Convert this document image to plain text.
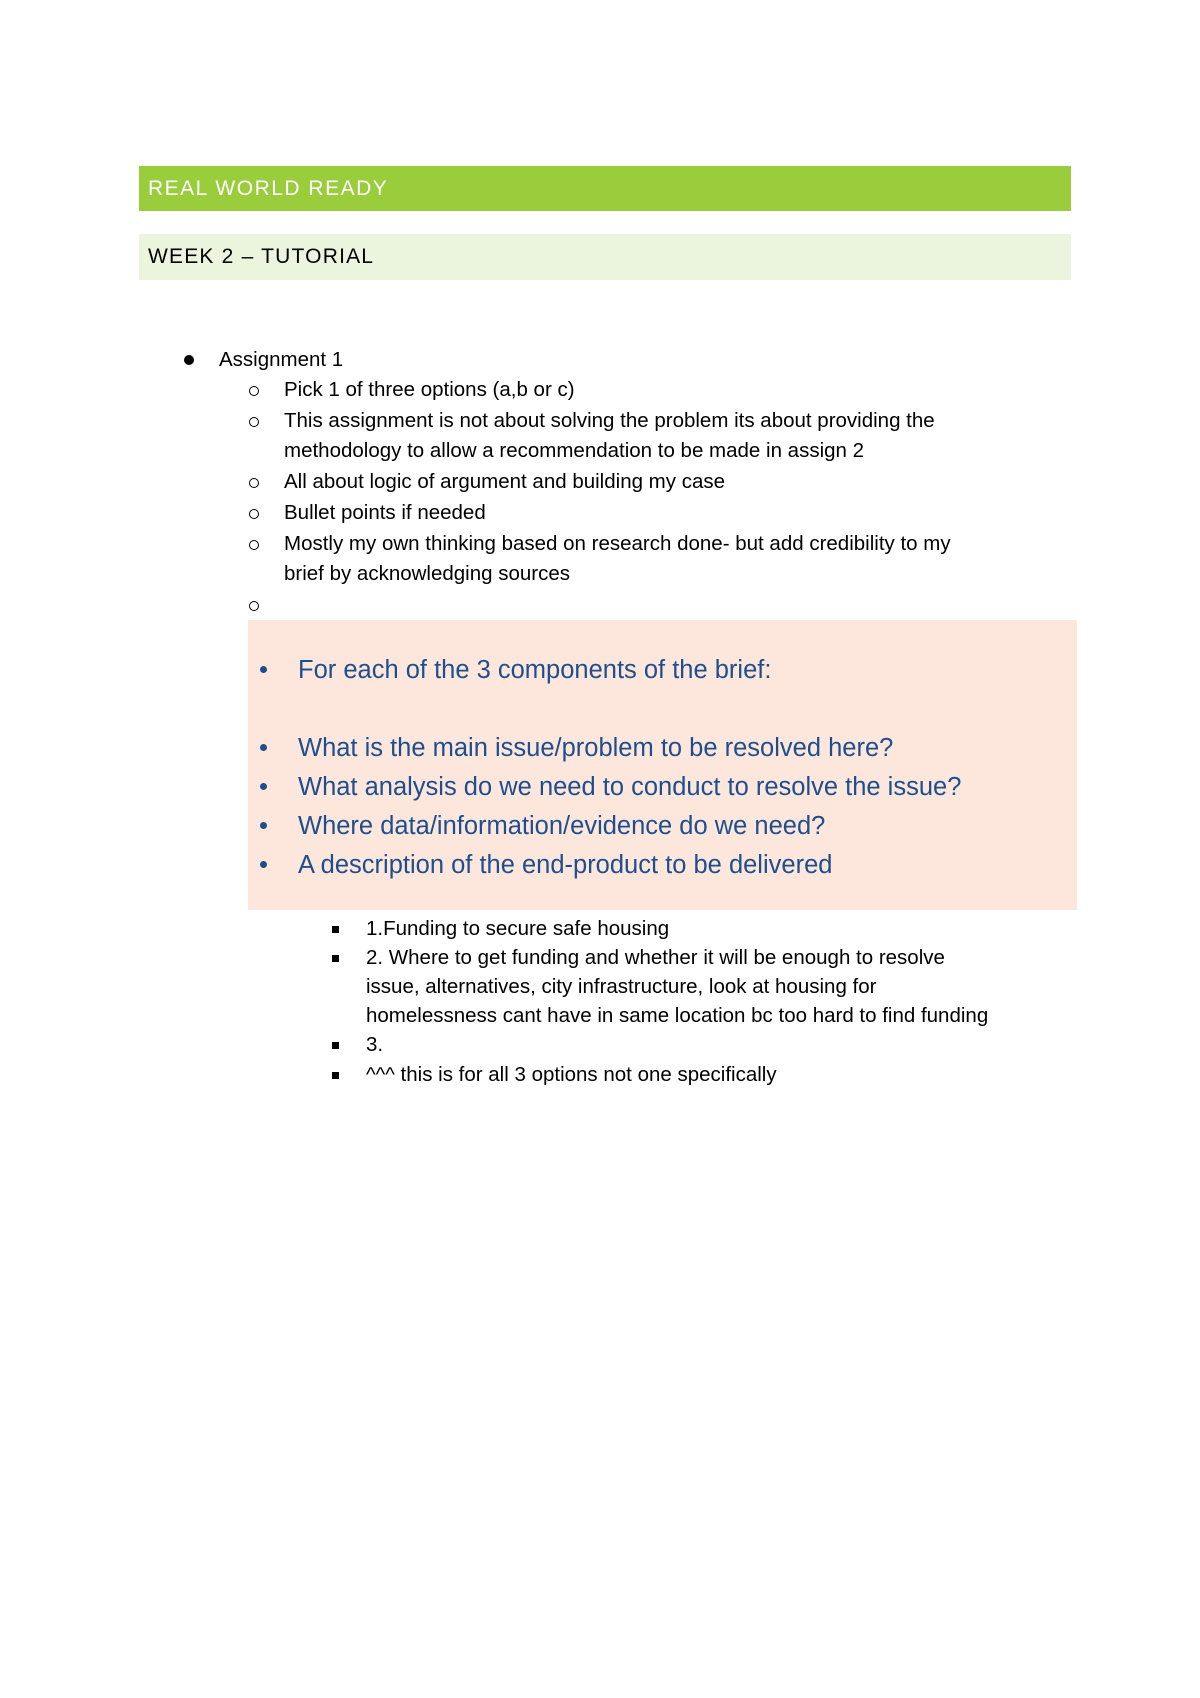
REAL WORLD READY
WEEK 2 – TUTORIAL
Assignment 1
Pick 1 of three options (a,b or c)
This assignment is not about solving the problem its about providing the
methodology to allow a recommendation to be made in assign 2
All about logic of argument and building my case
Bullet points if needed
Mostly my own thinking based on research done- but add credibility to my
brief by acknowledging sources
For each of the 3 components of the brief:
What is the main issue/problem to be resolved here?
What analysis do we need to conduct to resolve the issue?
Where data/information/evidence do we need?
A description of the end-product to be delivered
1.Funding to secure safe housing
2. Where to get funding and whether it will be enough to resolve
issue, alternatives, city infrastructure, look at housing for
homelessness cant have in same location bc too hard to find funding
3.
^^^ this is for all 3 options not one specifically
